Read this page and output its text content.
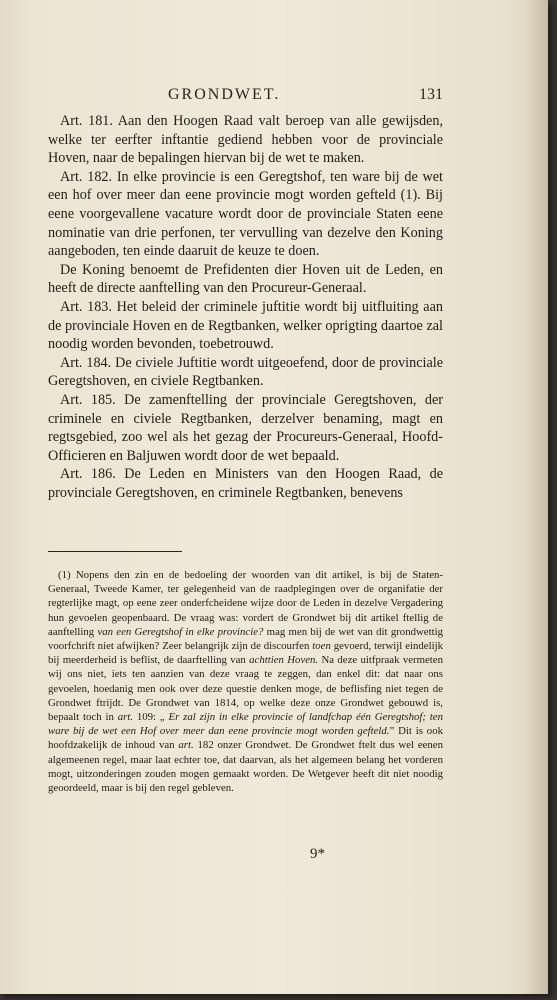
GRONDWET.	131

Art. 181. Aan den Hoogen Raad valt beroep van alle gewijsden, welke ter eerfter inftantie gediend hebben voor de provinciale Hoven, naar de bepalingen hiervan bij de wet te maken.

Art. 182. In elke provincie is een Geregtshof, ten ware bij de wet een hof over meer dan eene provincie mogt worden gefteld (1). Bij eene voorgevallene vacature wordt door de provinciale Staten eene nominatie van drie perfonen, ter vervulling van dezelve den Koning aangeboden, ten einde daaruit de keuze te doen.

De Koning benoemt de Prefidenten dier Hoven uit de Leden, en heeft de directe aanftelling van den Procureur-Generaal.

Art. 183. Het beleid der criminele juftitie wordt bij uitfluiting aan de provinciale Hoven en de Regtbanken, welker oprigting daartoe zal noodig worden bevonden, toebetrouwd.

Art. 184. De civiele Juftitie wordt uitgeoefend, door de provinciale Geregtshoven, en civiele Regtbanken.

Art. 185. De zamenftelling der provinciale Geregtshoven, der criminele en civiele Regtbanken, derzelver benaming, magt en regtsgebied, zoo wel als het gezag der Procureurs-Generaal, Hoofd-Officieren en Baljuwen wordt door de wet bepaald.

Art. 186. De Leden en Ministers van den Hoogen Raad, de provinciale Geregtshoven, en criminele Regtbanken, benevens

(1) Nopens den zin en de bedoeling der woorden van dit artikel, is bij de Staten-Generaal, Tweede Kamer, ter gelegenheid van de raadplegingen over de organifatie der regterlijke magt, op eene zeer onderfcheidene wijze door de Leden in dezelve Vergadering hun gevoelen geopenbaard. De vraag was: vordert de Grondwet bij dit artikel ftellig de aanftelling van een Geregtshof in elke provincie? mag men bij de wet van dit grondwettig voorfchrift niet afwijken? Zeer belangrijk zijn de discourfen toen gevoerd, terwijl eindelijk bij meerderheid is beflist, de daarftelling van achttien Hoven. Na deze uitfpraak vermeten wij ons niet, iets ten aanzien van deze vraag te zeggen, dan enkel dit: dat naar ons gevoelen, hoedanig men ook over deze questie denken moge, de beflisfing niet tegen de Grondwet ftrijdt. De Grondwet van 1814, op welke deze onze Grondwet gebouwd is, bepaalt toch in art. 109: „ Er zal zijn in elke provincie of landfchap één Geregtshof; ten ware bij de wet een Hof over meer dan eene provincie mogt worden gefteld.” Dit is ook hoofdzakelijk de inhoud van art. 182 onzer Grondwet. De Grondwet ftelt dus wel eenen algemeenen regel, maar laat echter toe, dat daarvan, als het algemeen belang het vorderen mogt, uitzonderingen zouden mogen gemaakt worden. De Wetgever heeft dit niet noodig geoordeeld, maar is bij den regel gebleven.

9*
